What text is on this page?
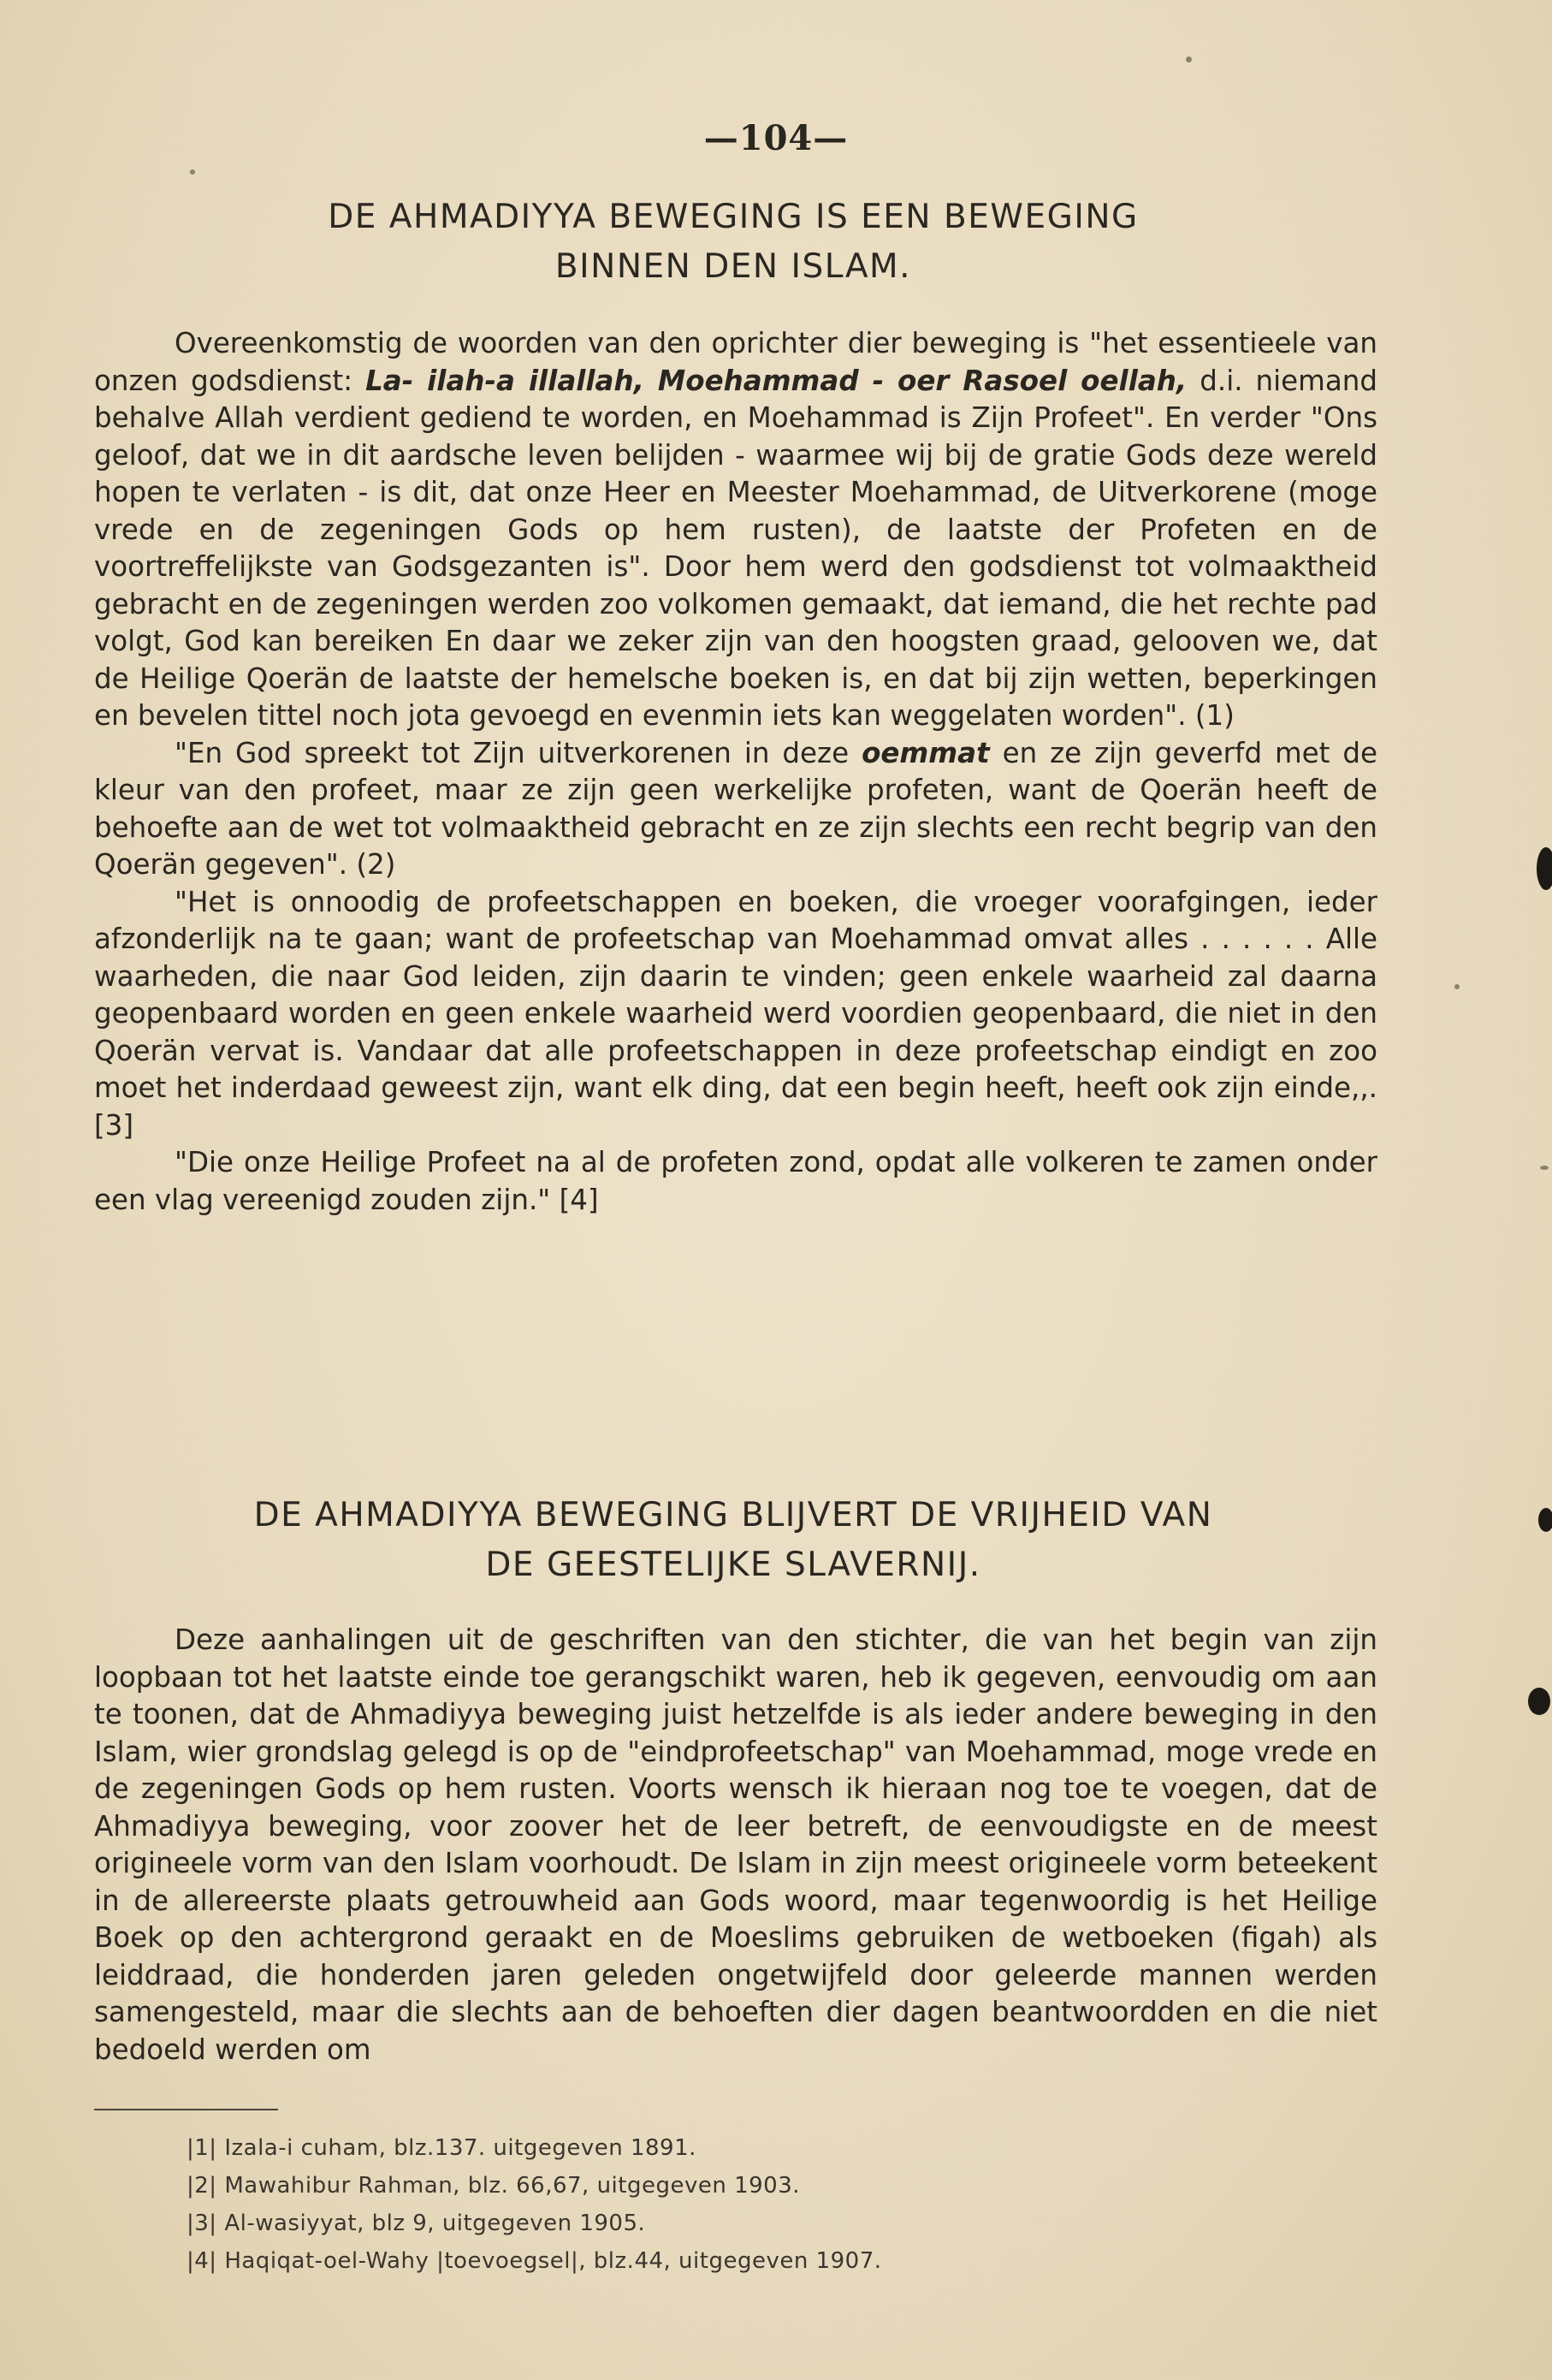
—104—
DE AHMADIYYA BEWEGING IS EEN BEWEGING
BINNEN DEN ISLAM.

Overeenkomstig de woorden van den oprichter dier beweging is "het essentieele van onzen godsdienst: La- ilah-a illallah, Moehammad - oer Rasoel oellah, d.i. niemand behalve Allah verdient gediend te worden, en Moehammad is Zijn Profeet". En verder "Ons geloof, dat we in dit aardsche leven belijden - waarmee wij bij de gratie Gods deze wereld hopen te verlaten - is dit, dat onze Heer en Meester Moehammad, de Uitverkorene (moge vrede en de zegeningen Gods op hem rusten), de laatste der Profeten en de voortreffelijkste van Godsgezanten is". Door hem werd den godsdienst tot volmaaktheid gebracht en de zegeningen werden zoo volkomen gemaakt, dat iemand, die het rechte pad volgt, God kan bereiken En daar we zeker zijn van den hoogsten graad, gelooven we, dat de Heilige Qoerän de laatste der hemelsche boeken is, en dat bij zijn wetten, beperkingen en bevelen tittel noch jota gevoegd en evenmin iets kan weggelaten worden". (1)

"En God spreekt tot Zijn uitverkorenen in deze oemmat en ze zijn geverfd met de kleur van den profeet, maar ze zijn geen werkelijke profeten, want de Qoerän heeft de behoefte aan de wet tot volmaaktheid gebracht en ze zijn slechts een recht begrip van den Qoerän gegeven". (2)

"Het is onnoodig de profeetschappen en boeken, die vroeger voorafgingen, ieder afzonderlijk na te gaan; want de profeetschap van Moehammad omvat alles . . . . . . Alle waarheden, die naar God leiden, zijn daarin te vinden; geen enkele waarheid zal daarna geopenbaard worden en geen enkele waarheid werd voordien geopenbaard, die niet in den Qoerän vervat is. Vandaar dat alle profeetschappen in deze profeetschap eindigt en zoo moet het inderdaad geweest zijn, want elk ding, dat een begin heeft, heeft ook zijn einde,,. [3]

"Die onze Heilige Profeet na al de profeten zond, opdat alle volkeren te zamen onder een vlag vereenigd zouden zijn." [4]

DE AHMADIYYA BEWEGING BLIJVERT DE VRIJHEID VAN
DE GEESTELIJKE SLAVERNIJ.

Deze aanhalingen uit de geschriften van den stichter, die van het begin van zijn loopbaan tot het laatste einde toe gerangschikt waren, heb ik gegeven, eenvoudig om aan te toonen, dat de Ahmadiyya beweging juist hetzelfde is als ieder andere beweging in den Islam, wier grondslag gelegd is op de "eindprofeetschap" van Moehammad, moge vrede en de zegeningen Gods op hem rusten. Voorts wensch ik hieraan nog toe te voegen, dat de Ahmadiyya beweging, voor zoover het de leer betreft, de eenvoudigste en de meest origineele vorm van den Islam voorhoudt. De Islam in zijn meest origineele vorm beteekent in de allereerste plaats getrouwheid aan Gods woord, maar tegenwoordig is het Heilige Boek op den achtergrond geraakt en de Moeslims gebruiken de wetboeken (figah) als leiddraad, die honderden jaren geleden ongetwijfeld door geleerde mannen werden samengesteld, maar die slechts aan de behoeften dier dagen beantwoordden en die niet bedoeld werden om

|1| Izala-i cuham, blz.137. uitgegeven 1891.
|2| Mawahibur Rahman, blz. 66,67, uitgegeven 1903.
|3| Al-wasiyyat, blz 9, uitgegeven 1905.
|4| Haqiqat-oel-Wahy |toevoegsel|, blz.44, uitgegeven 1907.
